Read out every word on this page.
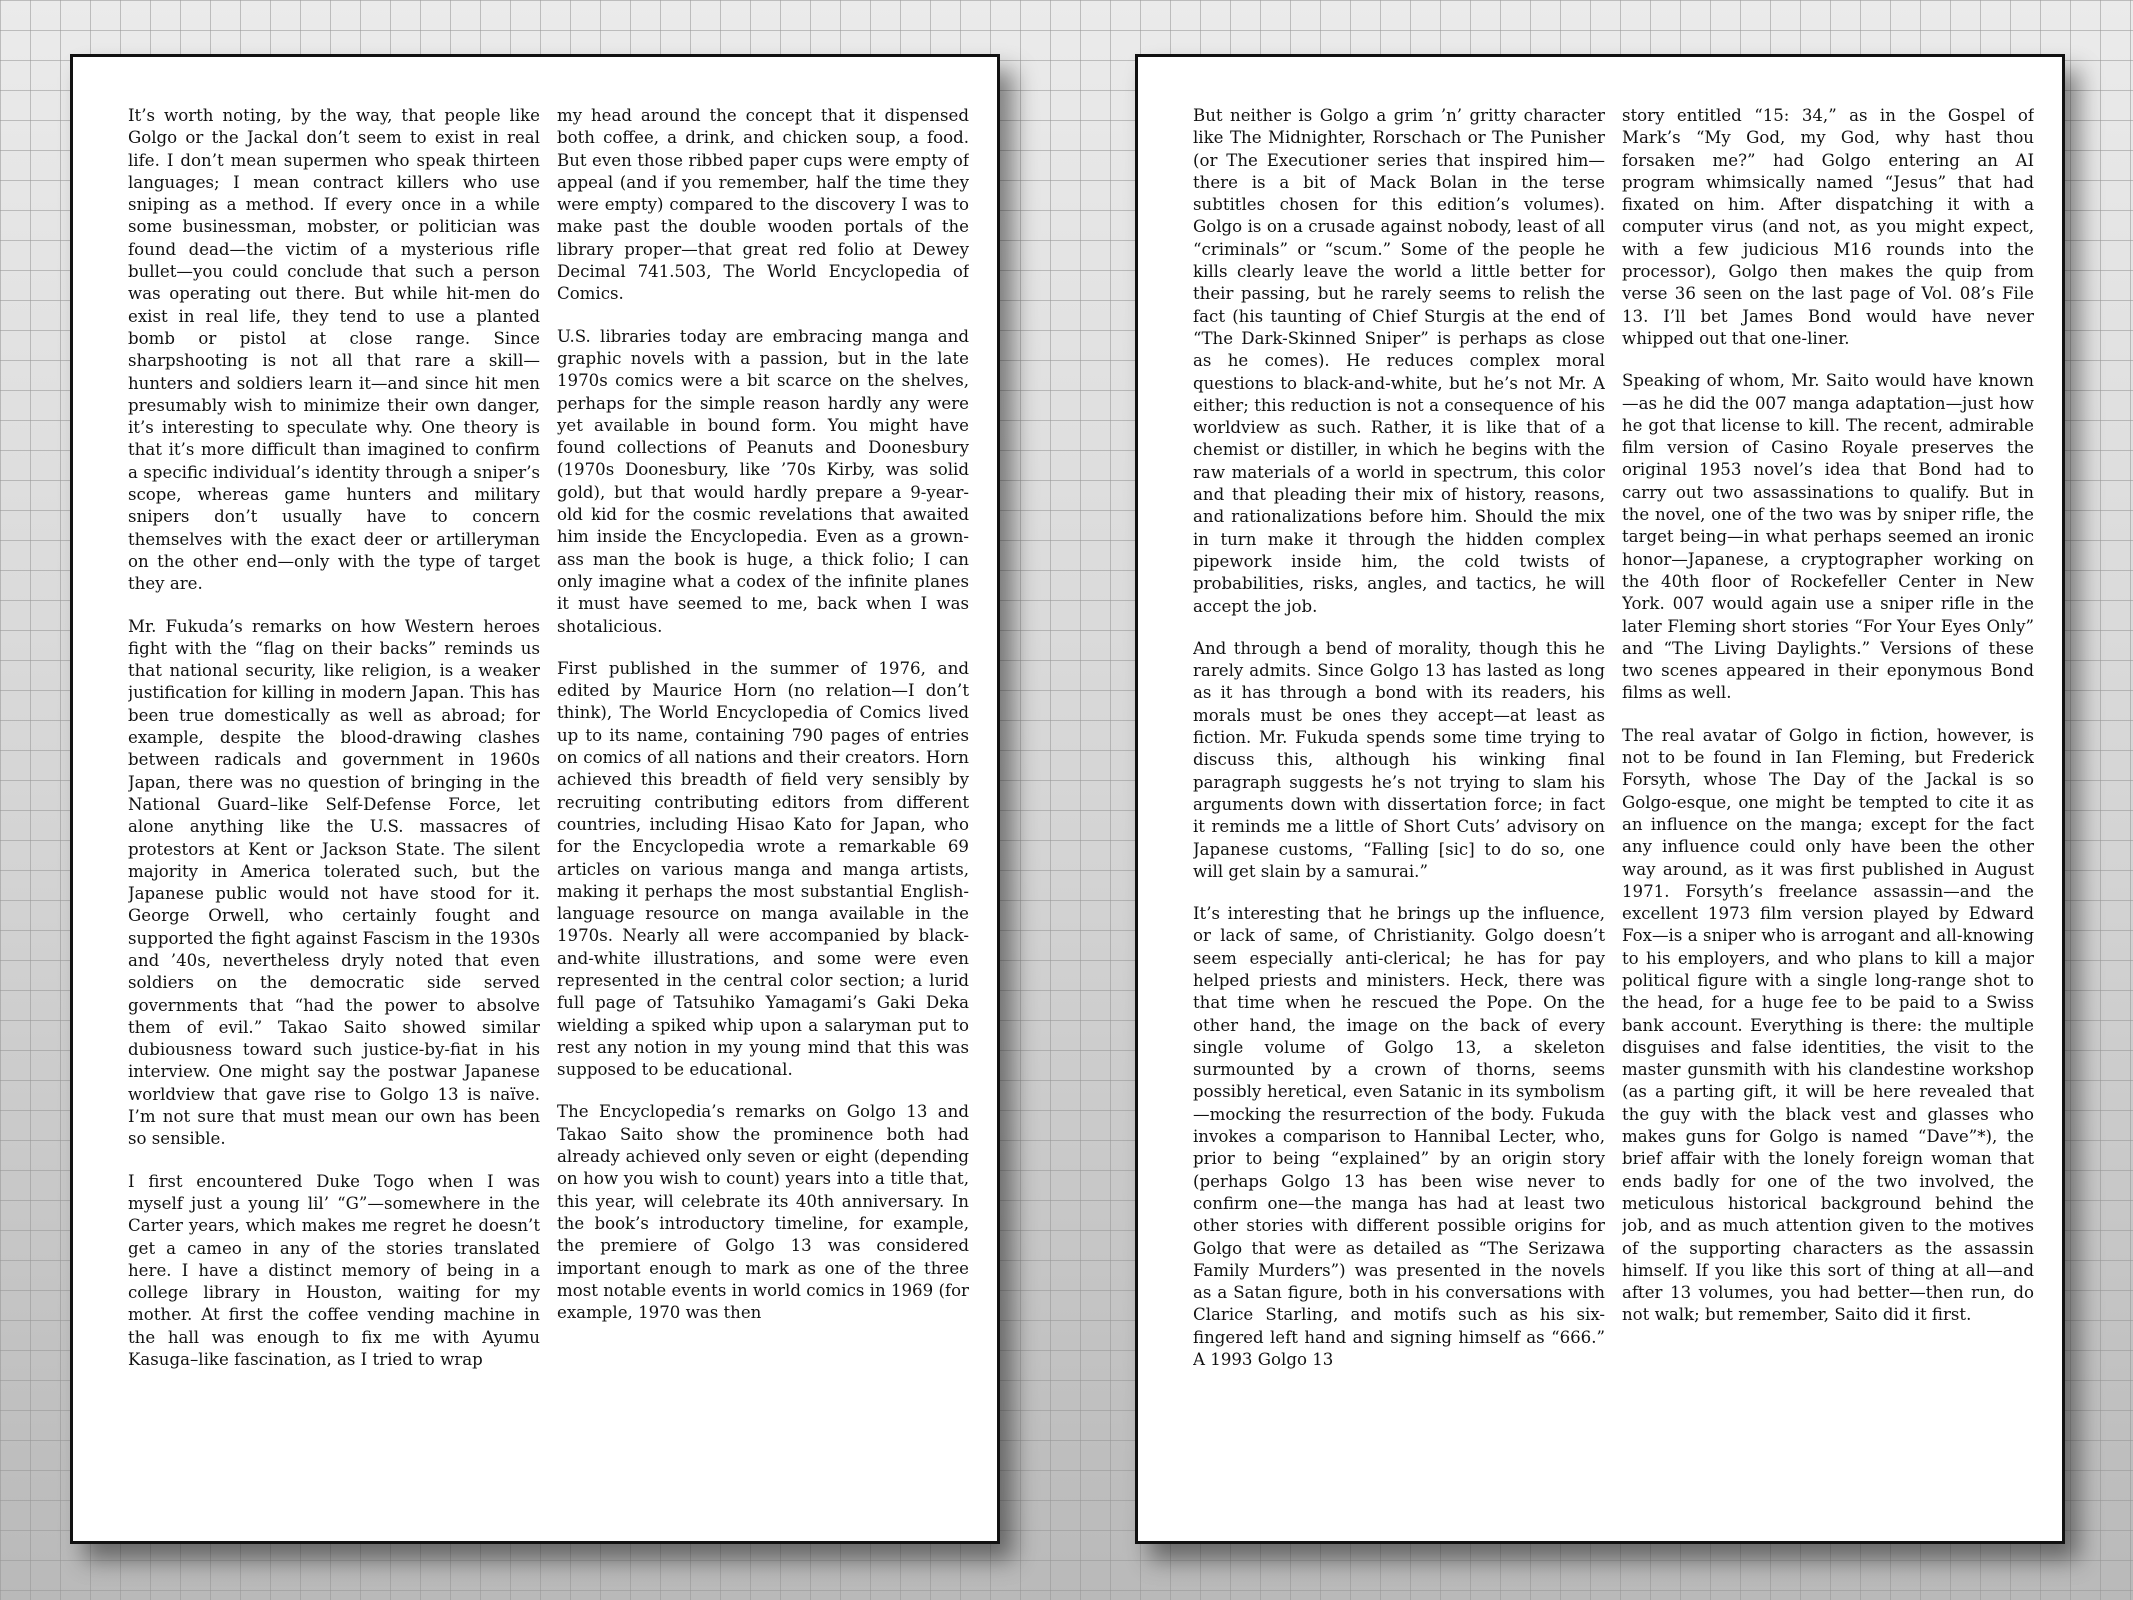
It’s worth noting, by the way, that people like Golgo or the Jackal don’t seem to exist in real life. I don’t mean supermen who speak thirteen languages; I mean contract killers who use sniping as a method. If every once in a while some businessman, mobster, or politician was found dead—the victim of a mysterious rifle bullet—you could conclude that such a person was operating out there. But while hit-men do exist in real life, they tend to use a planted bomb or pistol at close range. Since sharpshooting is not all that rare a skill—hunters and soldiers learn it—and since hit men presumably wish to minimize their own danger, it’s interesting to speculate why. One theory is that it’s more difficult than imagined to confirm a specific individual’s identity through a sniper’s scope, whereas game hunters and military snipers don’t usually have to concern themselves with the exact deer or artilleryman on the other end—only with the type of target they are.

Mr. Fukuda’s remarks on how Western heroes fight with the “flag on their backs” reminds us that national security, like religion, is a weaker justification for killing in modern Japan. This has been true domestically as well as abroad; for example, despite the blood-drawing clashes between radicals and government in 1960s Japan, there was no question of bringing in the National Guard–like Self-Defense Force, let alone anything like the U.S. massacres of protestors at Kent or Jackson State. The silent majority in America tolerated such, but the Japanese public would not have stood for it. George Orwell, who certainly fought and supported the fight against Fascism in the 1930s and ’40s, nevertheless dryly noted that even soldiers on the democratic side served governments that “had the power to absolve them of evil.” Takao Saito showed similar dubiousness toward such justice-by-fiat in his interview. One might say the postwar Japanese worldview that gave rise to Golgo 13 is naïve. I’m not sure that must mean our own has been so sensible.

I first encountered Duke Togo when I was myself just a young lil’ “G”—somewhere in the Carter years, which makes me regret he doesn’t get a cameo in any of the stories translated here. I have a distinct memory of being in a college library in Houston, waiting for my mother. At first the coffee vending machine in the hall was enough to fix me with Ayumu Kasuga–like fascination, as I tried to wrap

my head around the concept that it dispensed both coffee, a drink, and chicken soup, a food. But even those ribbed paper cups were empty of appeal (and if you remember, half the time they were empty) compared to the discovery I was to make past the double wooden portals of the library proper—that great red folio at Dewey Decimal 741.503, The World Encyclopedia of Comics.

U.S. libraries today are embracing manga and graphic novels with a passion, but in the late 1970s comics were a bit scarce on the shelves, perhaps for the simple reason hardly any were yet available in bound form. You might have found collections of Peanuts and Doonesbury (1970s Doonesbury, like ’70s Kirby, was solid gold), but that would hardly prepare a 9-year-old kid for the cosmic revelations that awaited him inside the Encyclopedia. Even as a grown-ass man the book is huge, a thick folio; I can only imagine what a codex of the infinite planes it must have seemed to me, back when I was shotalicious.

First published in the summer of 1976, and edited by Maurice Horn (no relation—I don’t think), The World Encyclopedia of Comics lived up to its name, containing 790 pages of entries on comics of all nations and their creators. Horn achieved this breadth of field very sensibly by recruiting contributing editors from different countries, including Hisao Kato for Japan, who for the Encyclopedia wrote a remarkable 69 articles on various manga and manga artists, making it perhaps the most substantial English-language resource on manga available in the 1970s. Nearly all were accompanied by black-and-white illustrations, and some were even represented in the central color section; a lurid full page of Tatsuhiko Yamagami’s Gaki Deka wielding a spiked whip upon a salaryman put to rest any notion in my young mind that this was supposed to be educational.

The Encyclopedia’s remarks on Golgo 13 and Takao Saito show the prominence both had already achieved only seven or eight (depending on how you wish to count) years into a title that, this year, will celebrate its 40th anniversary. In the book’s introductory timeline, for example, the premiere of Golgo 13 was considered important enough to mark as one of the three most notable events in world comics in 1969 (for example, 1970 was then

But neither is Golgo a grim ’n’ gritty character like The Midnighter, Rorschach or The Punisher (or The Executioner series that inspired him—there is a bit of Mack Bolan in the terse subtitles chosen for this edition’s volumes). Golgo is on a crusade against nobody, least of all “criminals” or “scum.” Some of the people he kills clearly leave the world a little better for their passing, but he rarely seems to relish the fact (his taunting of Chief Sturgis at the end of “The Dark-Skinned Sniper” is perhaps as close as he comes). He reduces complex moral questions to black-and-white, but he’s not Mr. A either; this reduction is not a consequence of his worldview as such. Rather, it is like that of a chemist or distiller, in which he begins with the raw materials of a world in spectrum, this color and that pleading their mix of history, reasons, and rationalizations before him. Should the mix in turn make it through the hidden complex pipework inside him, the cold twists of probabilities, risks, angles, and tactics, he will accept the job.

And through a bend of morality, though this he rarely admits. Since Golgo 13 has lasted as long as it has through a bond with its readers, his morals must be ones they accept—at least as fiction. Mr. Fukuda spends some time trying to discuss this, although his winking final paragraph suggests he’s not trying to slam his arguments down with dissertation force; in fact it reminds me a little of Short Cuts’ advisory on Japanese customs, “Falling [sic] to do so, one will get slain by a samurai.”

It’s interesting that he brings up the influence, or lack of same, of Christianity. Golgo doesn’t seem especially anti-clerical; he has for pay helped priests and ministers. Heck, there was that time when he rescued the Pope. On the other hand, the image on the back of every single volume of Golgo 13, a skeleton surmounted by a crown of thorns, seems possibly heretical, even Satanic in its symbolism—mocking the resurrection of the body. Fukuda invokes a comparison to Hannibal Lecter, who, prior to being “explained” by an origin story (perhaps Golgo 13 has been wise never to confirm one—the manga has had at least two other stories with different possible origins for Golgo that were as detailed as “The Serizawa Family Murders”) was presented in the novels as a Satan figure, both in his conversations with Clarice Starling, and motifs such as his six-fingered left hand and signing himself as “666.” A 1993 Golgo 13

story entitled “15: 34,” as in the Gospel of Mark’s “My God, my God, why hast thou forsaken me?” had Golgo entering an AI program whimsically named “Jesus” that had fixated on him. After dispatching it with a computer virus (and not, as you might expect, with a few judicious M16 rounds into the processor), Golgo then makes the quip from verse 36 seen on the last page of Vol. 08’s File 13. I’ll bet James Bond would have never whipped out that one-liner.

Speaking of whom, Mr. Saito would have known—as he did the 007 manga adaptation—just how he got that license to kill. The recent, admirable film version of Casino Royale preserves the original 1953 novel’s idea that Bond had to carry out two assassinations to qualify. But in the novel, one of the two was by sniper rifle, the target being—in what perhaps seemed an ironic honor—Japanese, a cryptographer working on the 40th floor of Rockefeller Center in New York. 007 would again use a sniper rifle in the later Fleming short stories “For Your Eyes Only” and “The Living Daylights.” Versions of these two scenes appeared in their eponymous Bond films as well.

The real avatar of Golgo in fiction, however, is not to be found in Ian Fleming, but Frederick Forsyth, whose The Day of the Jackal is so Golgo-esque, one might be tempted to cite it as an influence on the manga; except for the fact any influence could only have been the other way around, as it was first published in August 1971. Forsyth’s freelance assassin—and the excellent 1973 film version played by Edward Fox—is a sniper who is arrogant and all-knowing to his employers, and who plans to kill a major political figure with a single long-range shot to the head, for a huge fee to be paid to a Swiss bank account. Everything is there: the multiple disguises and false identities, the visit to the master gunsmith with his clandestine workshop (as a parting gift, it will be here revealed that the guy with the black vest and glasses who makes guns for Golgo is named “Dave”*), the brief affair with the lonely foreign woman that ends badly for one of the two involved, the meticulous historical background behind the job, and as much attention given to the motives of the supporting characters as the assassin himself. If you like this sort of thing at all—and after 13 volumes, you had better—then run, do not walk; but remember, Saito did it first.
